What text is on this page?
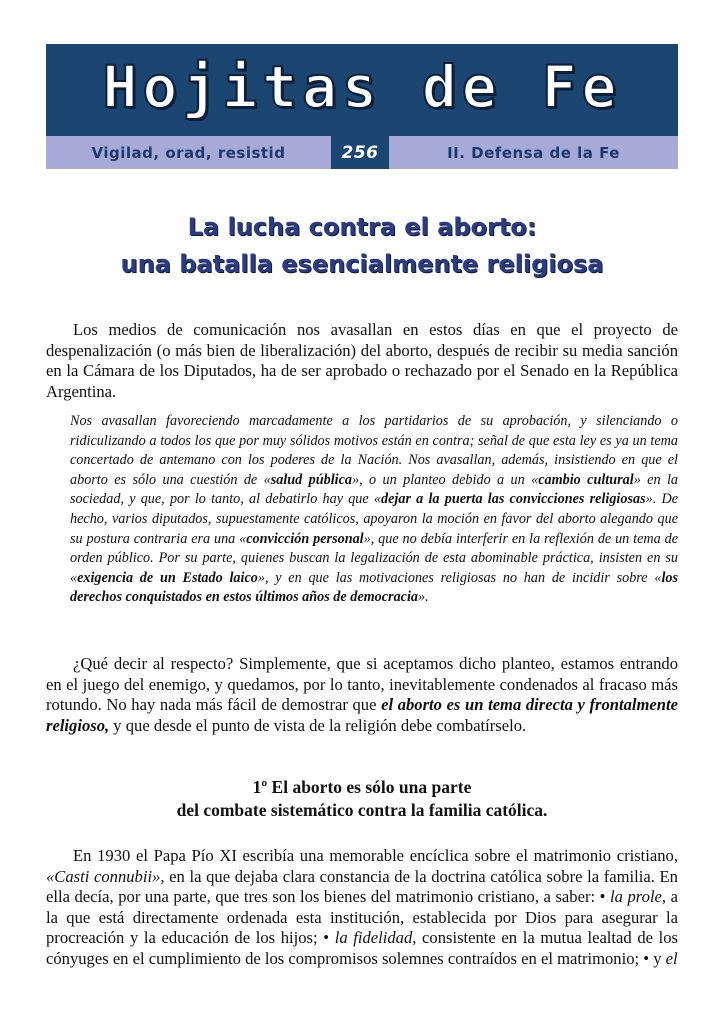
Hojitas de Fe
Vigilad, orad, resistid	256	II. Defensa de la Fe
La lucha contra el aborto:
una batalla esencialmente religiosa

Los medios de comunicación nos avasallan en estos días en que el proyecto de despenalización (o más bien de liberalización) del aborto, después de recibir su media sanción en la Cámara de los Diputados, ha de ser aprobado o rechazado por el Senado en la República Argentina.

Nos avasallan favoreciendo marcadamente a los partidarios de su aprobación, y silenciando o ridiculizando a todos los que por muy sólidos motivos están en contra; señal de que esta ley es ya un tema concertado de antemano con los poderes de la Nación. Nos avasallan, además, insistiendo en que el aborto es sólo una cuestión de «salud pública», o un planteo debido a un «cambio cultural» en la sociedad, y que, por lo tanto, al debatirlo hay que «dejar a la puerta las convicciones religiosas». De hecho, varios diputados, supuestamente católicos, apoyaron la moción en favor del aborto alegando que su postura contraria era una «convicción personal», que no debía interferir en la reflexión de un tema de orden público. Por su parte, quienes buscan la legalización de esta abominable práctica, insisten en su «exigencia de un Estado laico», y en que las motivaciones religiosas no han de incidir sobre «los derechos conquistados en estos últimos años de democracia».

¿Qué decir al respecto? Simplemente, que si aceptamos dicho planteo, estamos entrando en el juego del enemigo, y quedamos, por lo tanto, inevitablemente condenados al fracaso más rotundo. No hay nada más fácil de demostrar que el aborto es un tema directa y frontalmente religioso, y que desde el punto de vista de la religión debe combatírselo.

1º El aborto es sólo una parte
del combate sistemático contra la familia católica.

En 1930 el Papa Pío XI escribía una memorable encíclica sobre el matrimonio cristiano, «Casti connubii», en la que dejaba clara constancia de la doctrina católica sobre la familia. En ella decía, por una parte, que tres son los bienes del matrimonio cristiano, a saber: • la prole, a la que está directamente ordenada esta institución, establecida por Dios para asegurar la procreación y la educación de los hijos; • la fidelidad, consistente en la mutua lealtad de los cónyuges en el cumplimiento de los compromisos solemnes contraídos en el matrimonio; • y el
